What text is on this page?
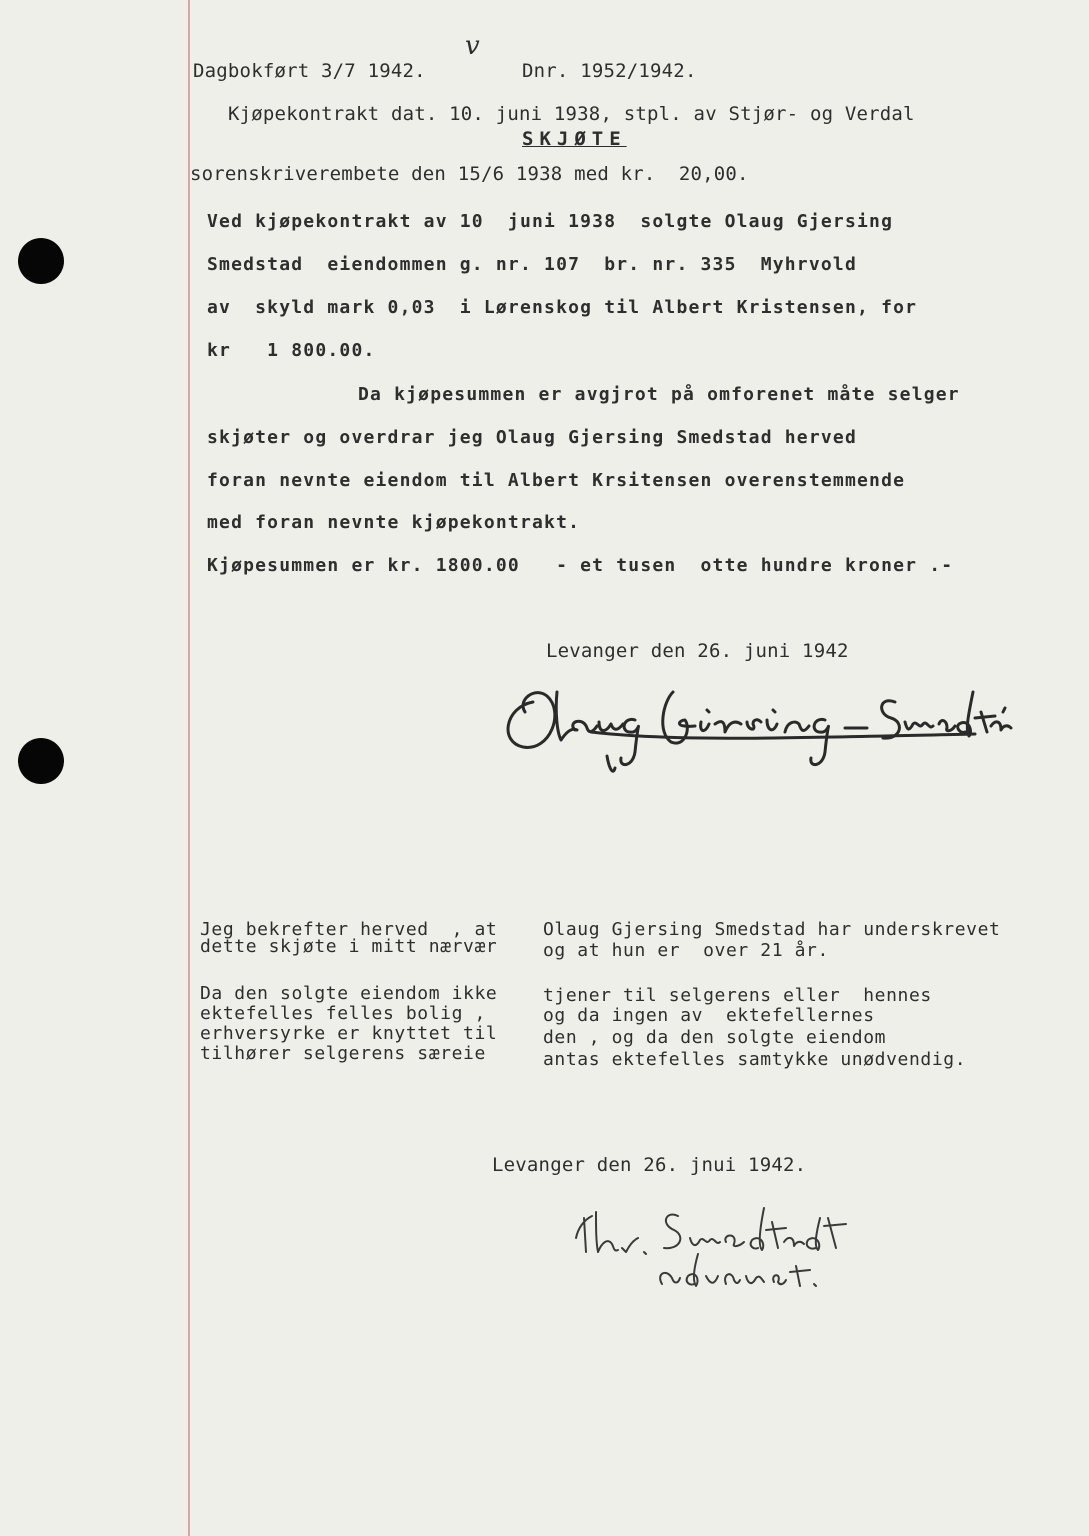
Dagbokført 3/7 1942.
v
Dnr. 1952/1942.
Kjøpekontrakt dat. 10. juni 1938, stpl. av Stjør- og Verdal
SKJØTE
sorenskriverembete den 15/6 1938 med kr.  20,00.
Ved kjøpekontrakt av 10  juni 1938  solgte Olaug Gjersing
Smedstad  eiendommen g. nr. 107  br. nr. 335  Myhrvold
av  skyld mark 0,03  i Lørenskog til Albert Kristensen, for
kr   1 800.00.
Da kjøpesummen er avgjrot på omforenet måte selger
skjøter og overdrar jeg Olaug Gjersing Smedstad herved
foran nevnte eiendom til Albert Krsitensen overenstemmende
med foran nevnte kjøpekontrakt.
Kjøpesummen er kr. 1800.00   - et tusen  otte hundre kroner .-
Levanger den 26. juni 1942
Jeg bekrefter herved  , at
dette skjøte i mitt nærvær
Olaug Gjersing Smedstad har underskrevet
og at hun er  over 21 år.
Da den solgte eiendom ikke
ektefelles felles bolig ,
erhversyrke er knyttet til
tilhører selgerens særeie
tjener til selgerens eller  hennes
og da ingen av  ektefellernes
den , og da den solgte eiendom
antas ektefelles samtykke unødvendig.
Levanger den 26. jnui 1942.
